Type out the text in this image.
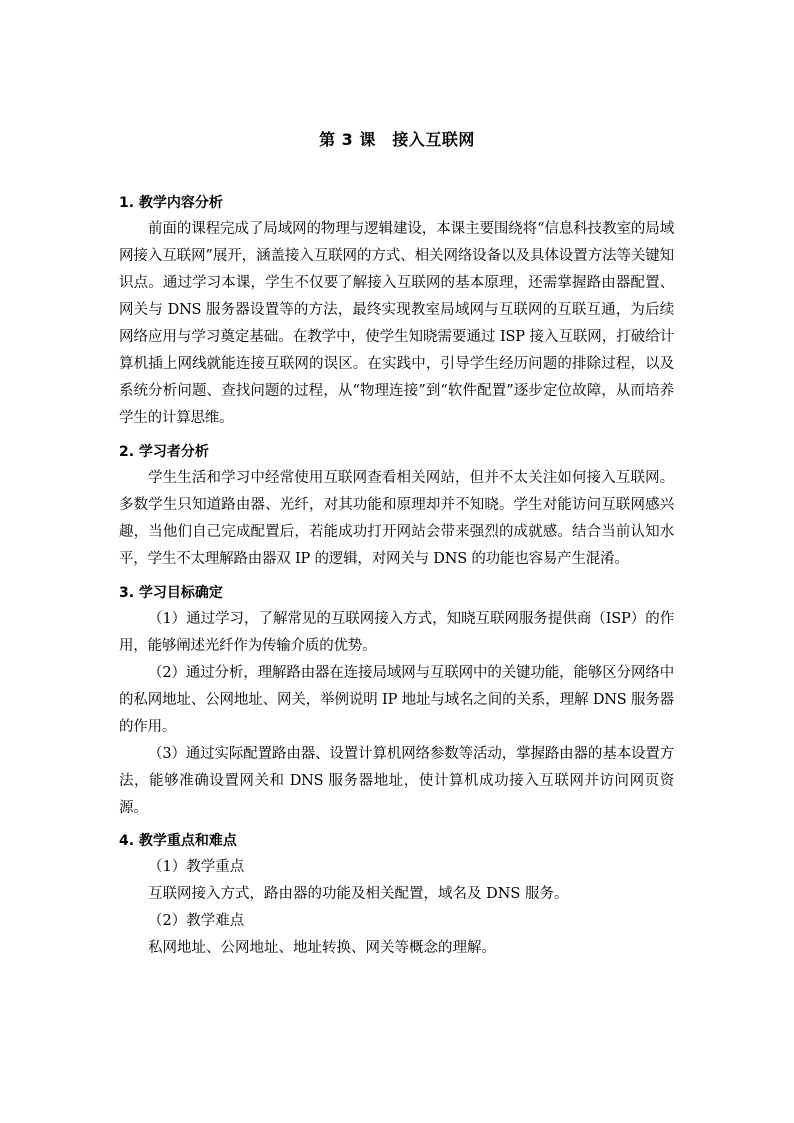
第 3 课　接入互联网
1. 教学内容分析

前面的课程完成了局域网的物理与逻辑建设，本课主要围绕将“信息科技教室的局域网接入互联网”展开，涵盖接入互联网的方式、相关网络设备以及具体设置方法等关键知识点。通过学习本课，学生不仅要了解接入互联网的基本原理，还需掌握路由器配置、网关与 DNS 服务器设置等的方法，最终实现教室局域网与互联网的互联互通，为后续网络应用与学习奠定基础。在教学中，使学生知晓需要通过 ISP 接入互联网，打破给计算机插上网线就能连接互联网的误区。在实践中，引导学生经历问题的排除过程，以及系统分析问题、查找问题的过程，从“物理连接”到“软件配置”逐步定位故障，从而培养学生的计算思维。

2. 学习者分析

学生生活和学习中经常使用互联网查看相关网站，但并不太关注如何接入互联网。多数学生只知道路由器、光纤，对其功能和原理却并不知晓。学生对能访问互联网感兴趣，当他们自己完成配置后，若能成功打开网站会带来强烈的成就感。结合当前认知水平，学生不太理解路由器双 IP 的逻辑，对网关与 DNS 的功能也容易产生混淆。

3. 学习目标确定

（1）通过学习，了解常见的互联网接入方式，知晓互联网服务提供商（ISP）的作用，能够阐述光纤作为传输介质的优势。

（2）通过分析，理解路由器在连接局域网与互联网中的关键功能，能够区分网络中的私网地址、公网地址、网关，举例说明 IP 地址与域名之间的关系，理解 DNS 服务器的作用。

（3）通过实际配置路由器、设置计算机网络参数等活动，掌握路由器的基本设置方法，能够准确设置网关和 DNS 服务器地址，使计算机成功接入互联网并访问网页资源。

4. 教学重点和难点

（1）教学重点

互联网接入方式，路由器的功能及相关配置，域名及 DNS 服务。

（2）教学难点

私网地址、公网地址、地址转换、网关等概念的理解。
